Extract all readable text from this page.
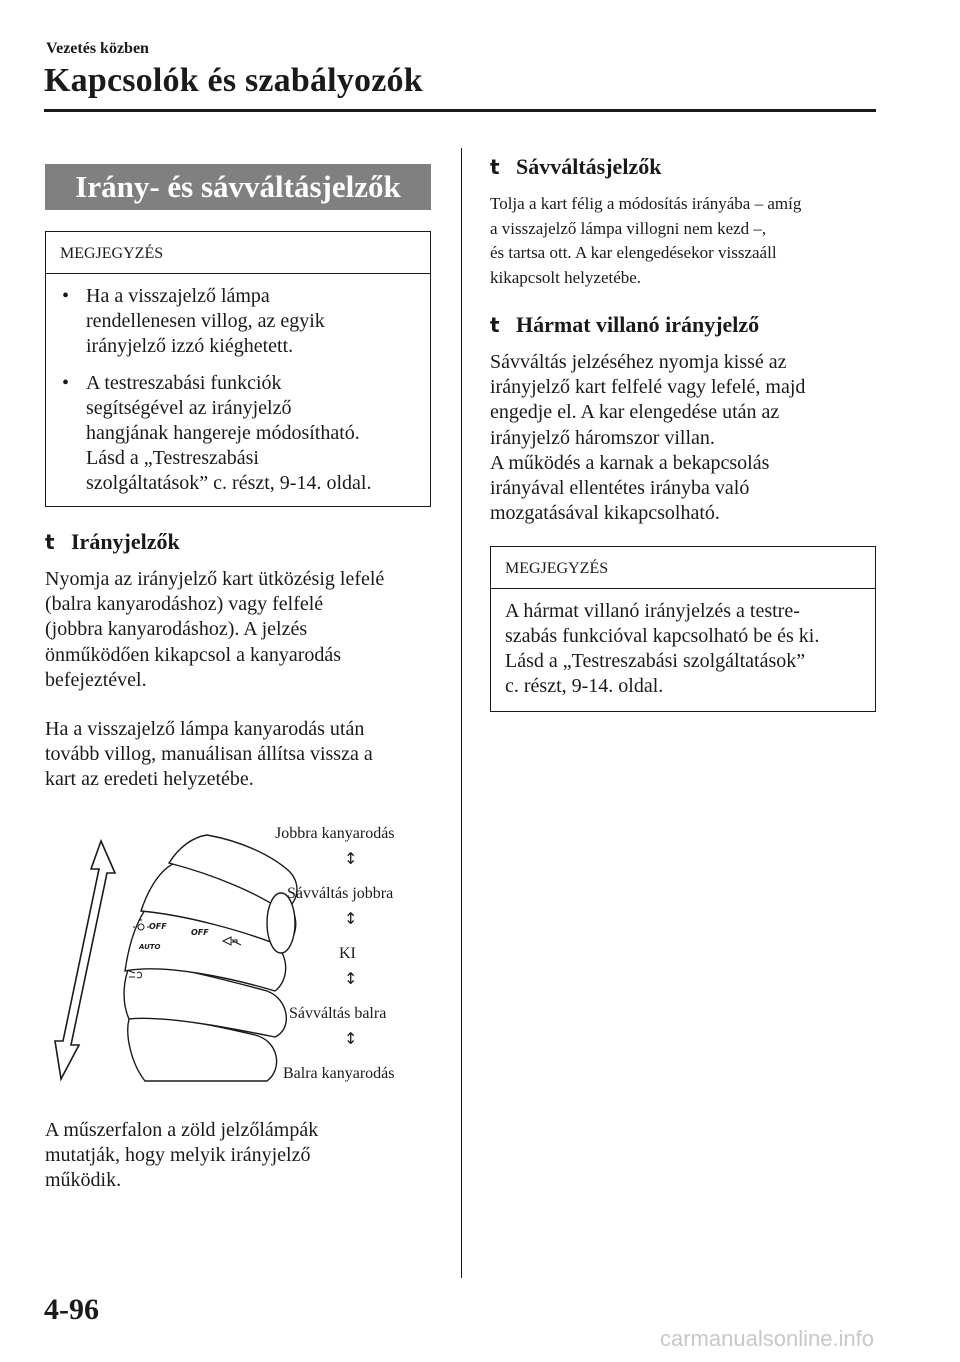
Vezetés közben
Kapcsolók és szabályozók
Irány- és sávváltásjelzők
MEGJEGYZÉS
• Ha a visszajelző lámpa
rendellenesen villog, az egyik
irányjelző izzó kiéghetett.
• A testreszabási funkciók
segítségével az irányjelző
hangjának hangereje módosítható.
Lásd a „Testreszabási
szolgáltatások” c. részt, 9-14. oldal.
t Irányjelzők
Nyomja az irányjelző kart ütközésig lefelé
(balra kanyarodáshoz) vagy felfelé
(jobbra kanyarodáshoz). A jelzés
önműködően kikapcsol a kanyarodás
befejeztével.
Ha a visszajelző lámpa kanyarodás után
tovább villog, manuálisan állítsa vissza a
kart az eredeti helyzetébe.
OFF
OFF
AUTO
Jobbra kanyarodás
↕
Sávváltás jobbra
↕
KI
↕
Sávváltás balra
↕
Balra kanyarodás
A műszerfalon a zöld jelzőlámpák
mutatják, hogy melyik irányjelző
működik.
t Sávváltásjelzők
Tolja a kart félig a módosítás irányába – amíg
a visszajelző lámpa villogni nem kezd –,
és tartsa ott. A kar elengedésekor visszaáll
kikapcsolt helyzetébe.
t Hármat villanó irányjelző
Sávváltás jelzéséhez nyomja kissé az
irányjelző kart felfelé vagy lefelé, majd
engedje el. A kar elengedése után az
irányjelző háromszor villan.
A működés a karnak a bekapcsolás
irányával ellentétes irányba való
mozgatásával kikapcsolható.
MEGJEGYZÉS
A hármat villanó irányjelzés a testre-
szabás funkcióval kapcsolható be és ki.
Lásd a „Testreszabási szolgáltatások”
c. részt, 9-14. oldal.
4-96
carmanualsonline.info
